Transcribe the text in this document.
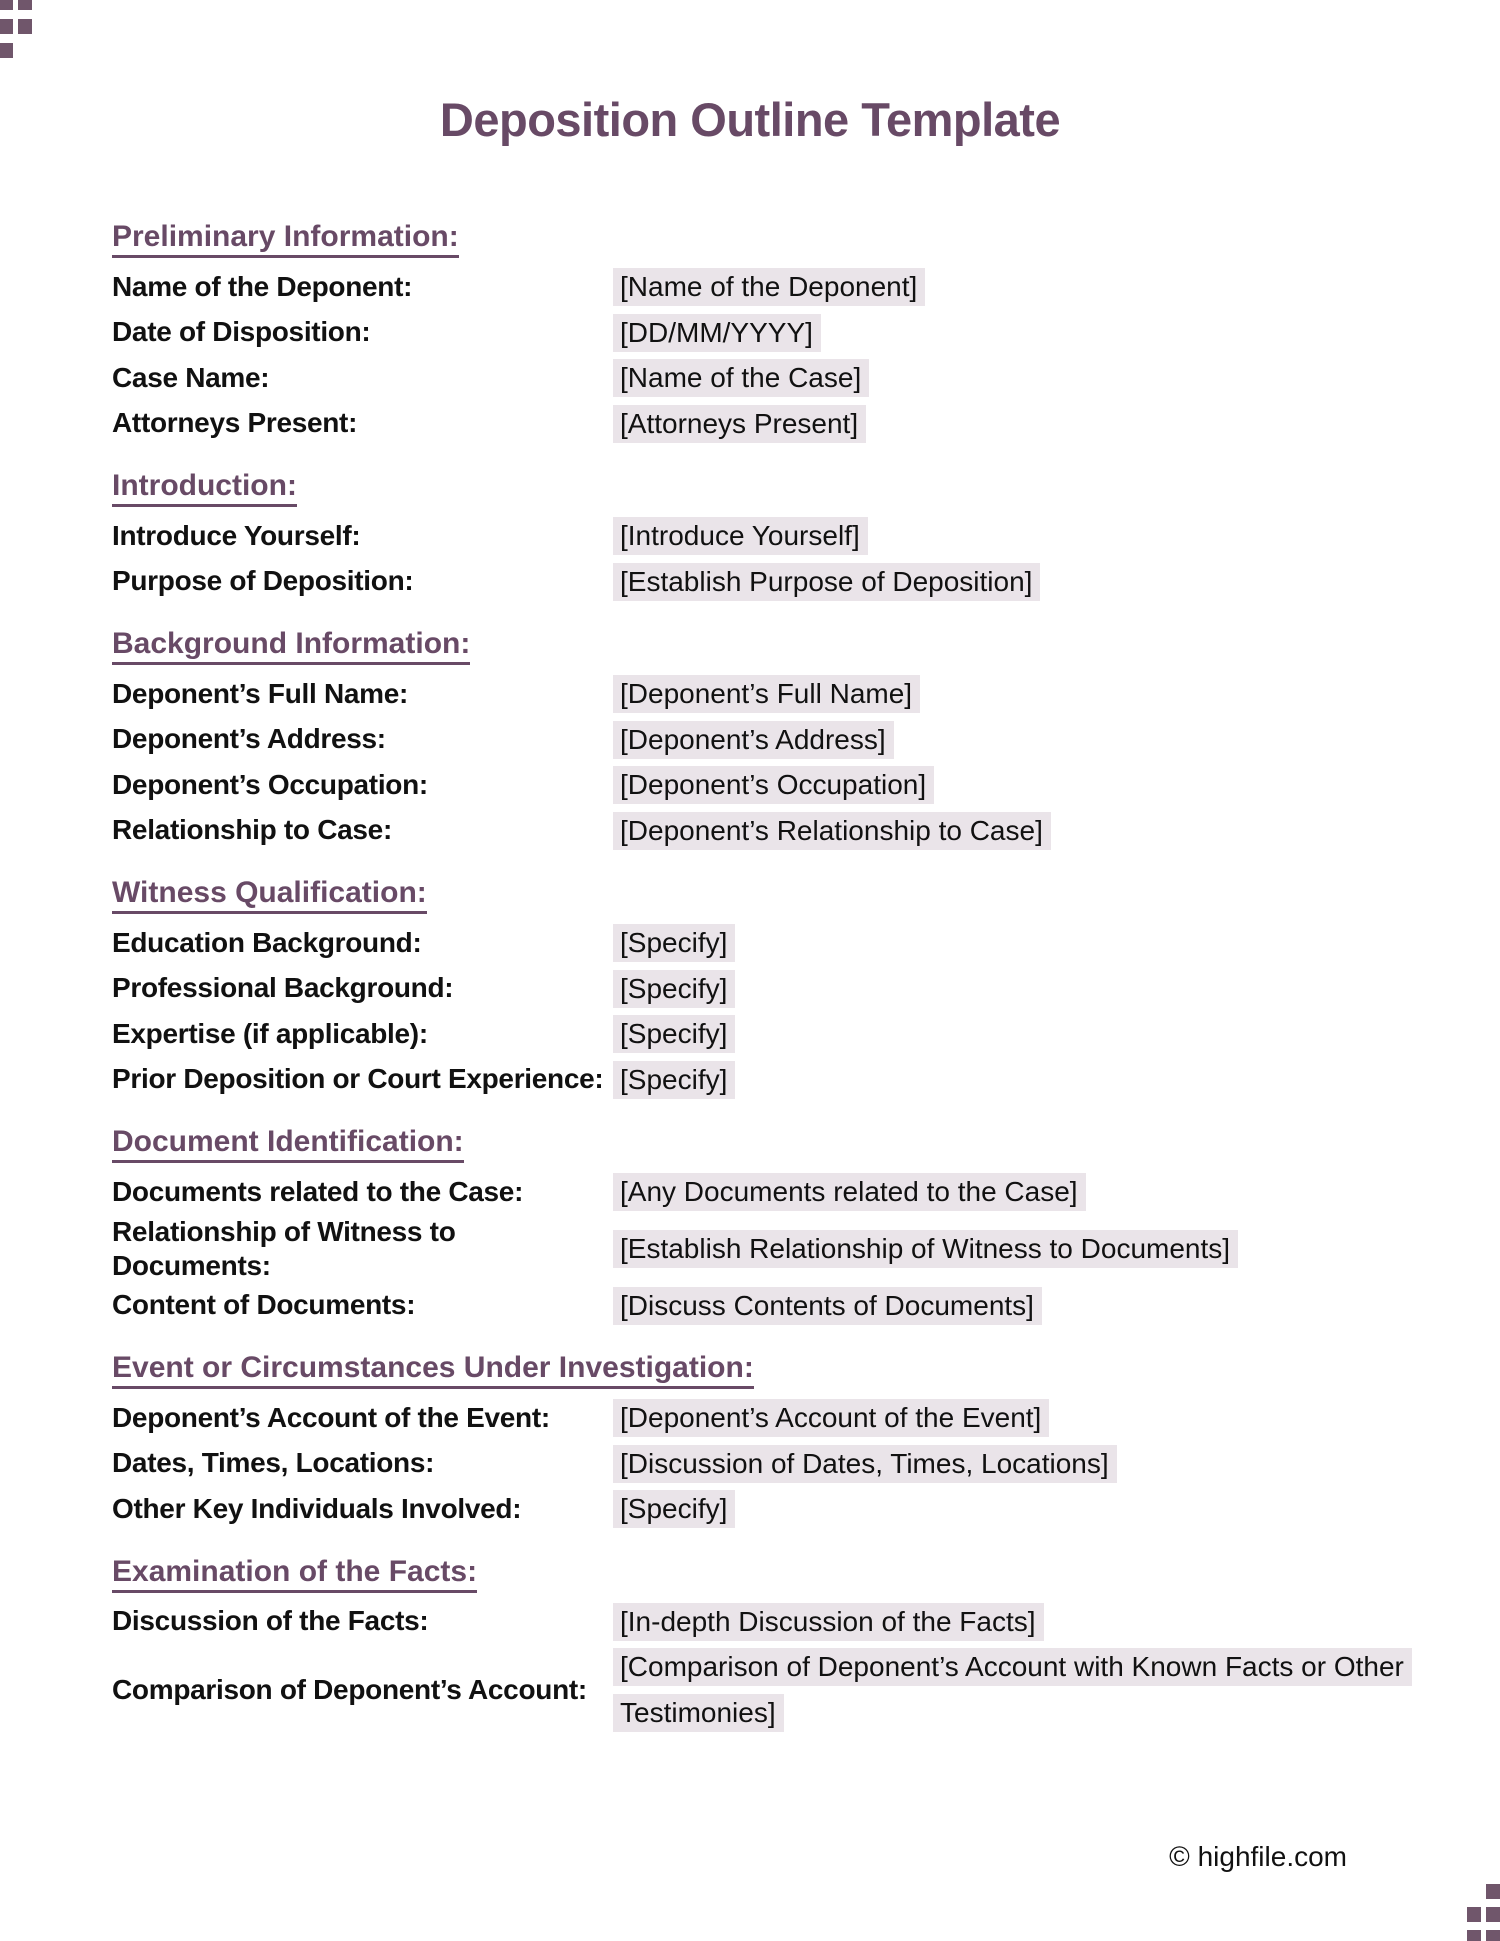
Deposition Outline Template
Preliminary Information:
Name of the Deponent:	[Name of the Deponent]
Date of Disposition:	[DD/MM/YYYY]
Case Name:	[Name of the Case]
Attorneys Present:	[Attorneys Present]
Introduction:
Introduce Yourself:	[Introduce Yourself]
Purpose of Deposition:	[Establish Purpose of Deposition]
Background Information:
Deponent’s Full Name:	[Deponent’s Full Name]
Deponent’s Address:	[Deponent’s Address]
Deponent’s Occupation:	[Deponent’s Occupation]
Relationship to Case:	[Deponent’s Relationship to Case]
Witness Qualification:
Education Background:	[Specify]
Professional Background:	[Specify]
Expertise (if applicable):	[Specify]
Prior Deposition or Court Experience: [Specify]
Document Identification:
Documents related to the Case:	[Any Documents related to the Case]
Relationship of Witness to Documents:
[Establish Relationship of Witness to Documents]
Content of Documents:	[Discuss Contents of Documents]
Event or Circumstances Under Investigation:
Deponent’s Account of the Event:	[Deponent’s Account of the Event]
Dates, Times, Locations:	[Discussion of Dates, Times, Locations]
Other Key Individuals Involved:	[Specify]
Examination of the Facts:
Discussion of the Facts:	[In-depth Discussion of the Facts]
Comparison of Deponent’s Account:
[Comparison of Deponent’s Account with Known Facts or Other Testimonies]
© highfile.com
